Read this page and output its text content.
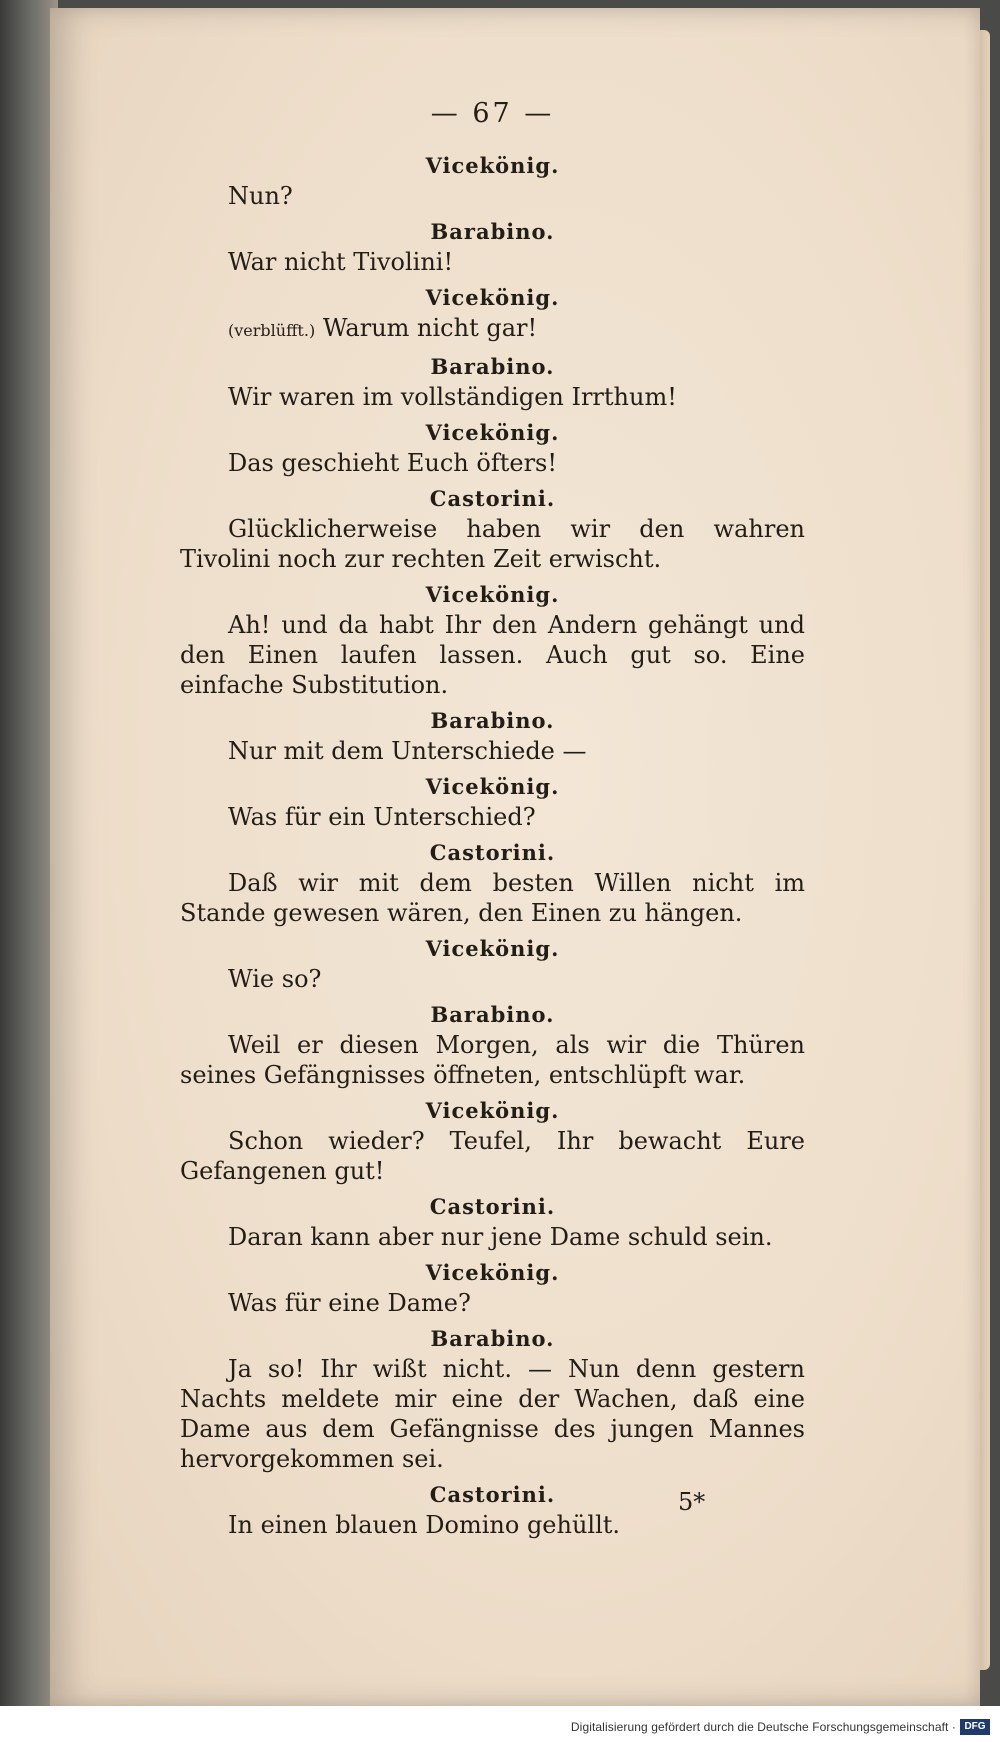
— 67 —
Vicekönig.
Nun?
Barabino.
War nicht Tivolini!
Vicekönig.
(verblüfft.) Warum nicht gar!
Barabino.
Wir waren im vollständigen Irrthum!
Vicekönig.
Das geschieht Euch öfters!
Castorini.
Glücklicherweise haben wir den wahren Tivolini noch zur rechten Zeit erwischt.
Vicekönig.
Ah! und da habt Ihr den Andern gehängt und den Einen laufen lassen. Auch gut so. Eine einfache Substitution.
Barabino.
Nur mit dem Unterschiede —
Vicekönig.
Was für ein Unterschied?
Castorini.
Daß wir mit dem besten Willen nicht im Stande gewesen wären, den Einen zu hängen.
Vicekönig.
Wie so?
Barabino.
Weil er diesen Morgen, als wir die Thüren seines Gefängnisses öffneten, entschlüpft war.
Vicekönig.
Schon wieder? Teufel, Ihr bewacht Eure Gefangenen gut!
Castorini.
Daran kann aber nur jene Dame schuld sein.
Vicekönig.
Was für eine Dame?
Barabino.
Ja so! Ihr wißt nicht. — Nun denn gestern Nachts meldete mir eine der Wachen, daß eine Dame aus dem Gefängnisse des jungen Mannes hervorgekommen sei.
Castorini.
In einen blauen Domino gehüllt.
5*
Digitalisierung gefördert durch die Deutsche Forschungsgemeinschaft · DFG
